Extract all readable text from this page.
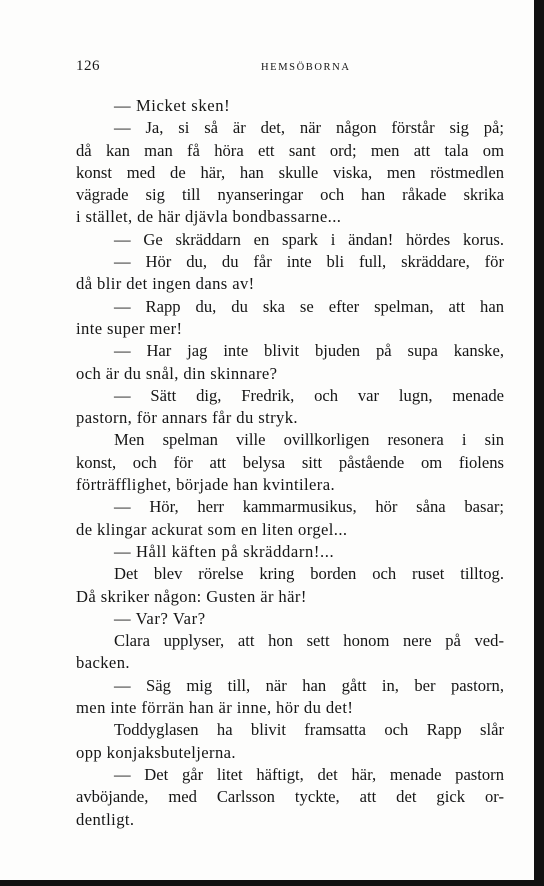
126	HEMSÖBORNA
— Micket sken!
— Ja, si så är det, när någon förstår sig på;
då kan man få höra ett sant ord; men att tala om
konst med de här, han skulle viska, men röstmedlen
vägrade sig till nyanseringar och han råkade skrika
i stället, de här djävla bondbassarne...
— Ge skräddarn en spark i ändan! hördes korus.
— Hör du, du får inte bli full, skräddare, för
då blir det ingen dans av!
— Rapp du, du ska se efter spelman, att han
inte super mer!
— Har jag inte blivit bjuden på supa kanske,
och är du snål, din skinnare?
— Sätt dig, Fredrik, och var lugn, menade
pastorn, för annars får du stryk.
Men spelman ville ovillkorligen resonera i sin
konst, och för att belysa sitt påstående om fiolens
förträfflighet, började han kvintilera.
— Hör, herr kammarmusikus, hör såna basar;
de klingar ackurat som en liten orgel...
— Håll käften på skräddarn!...
Det blev rörelse kring borden och ruset tilltog.
Då skriker någon: Gusten är här!
— Var? Var?
Clara upplyser, att hon sett honom nere på ved-
backen.
— Säg mig till, när han gått in, ber pastorn,
men inte förrän han är inne, hör du det!
Toddyglasen ha blivit framsatta och Rapp slår
opp konjaksbuteljerna.
— Det går litet häftigt, det här, menade pastorn
avböjande, med Carlsson tyckte, att det gick or-
dentligt.
